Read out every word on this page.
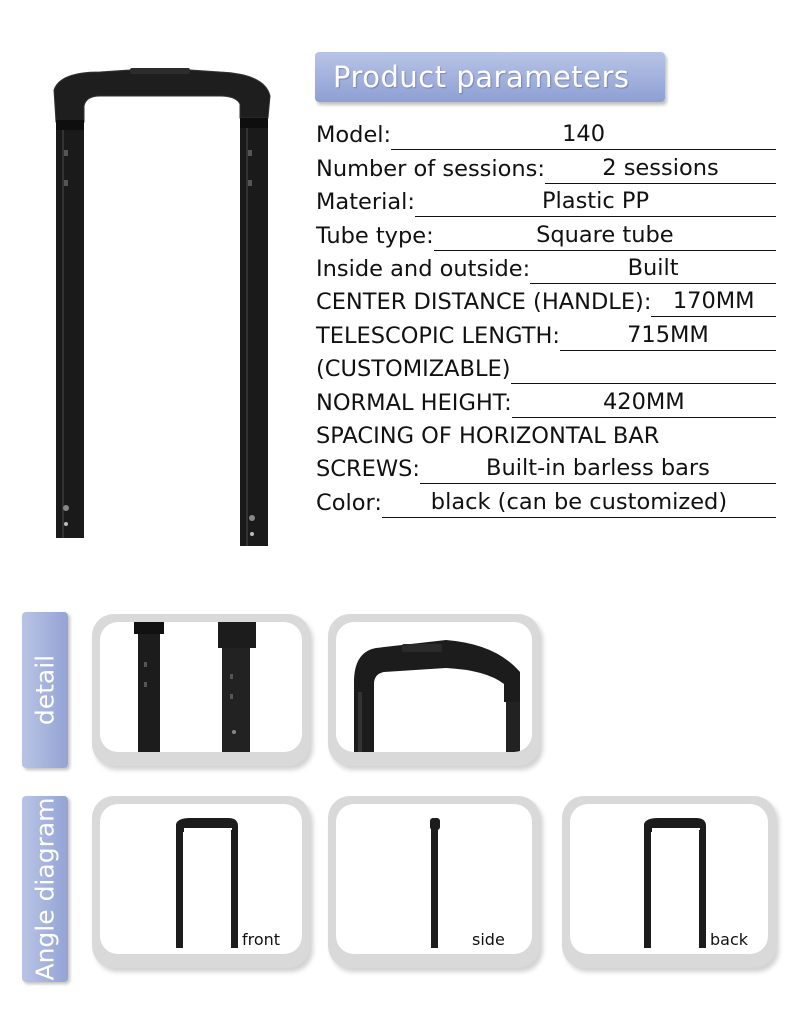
Product parameters
Model:	140
Number of sessions:	2 sessions
Material:	Plastic PP
Tube type:	Square tube
Inside and outside:	Built
CENTER DISTANCE (HANDLE): 170MM
TELESCOPIC LENGTH:	715MM
(CUSTOMIZABLE)
NORMAL HEIGHT:	420MM
SPACING OF HORIZONTAL BAR
SCREWS:	Built-in barless bars
Color:	black (can be customized)
detail
Angle diagram	front	side	back
